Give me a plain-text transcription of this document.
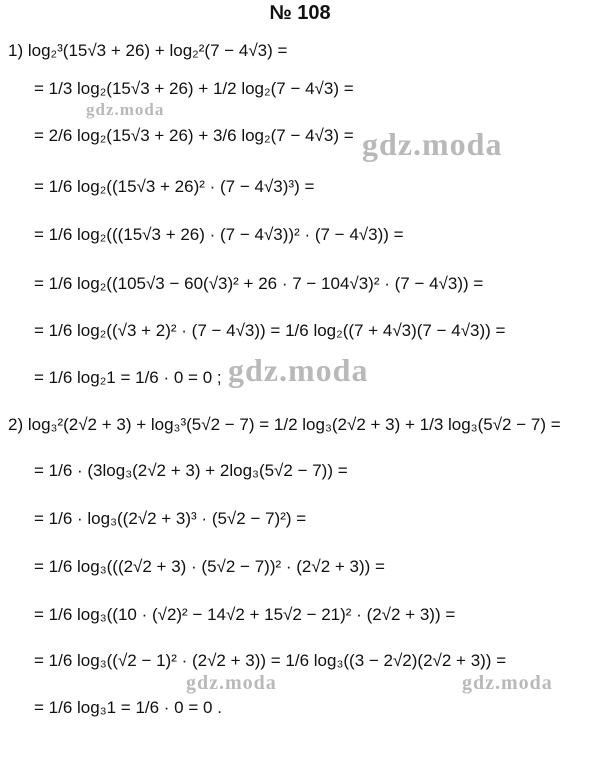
№ 108
1) log₂³(15√3 + 26) + log₂²(7 − 4√3) =
= 1/3 log₂(15√3 + 26) + 1/2 log₂(7 − 4√3) =
= 2/6 log₂(15√3 + 26) + 3/6 log₂(7 − 4√3) =
= 1/6 log₂((15√3 + 26)² · (7 − 4√3)³) =
= 1/6 log₂(((15√3 + 26) · (7 − 4√3))² · (7 − 4√3)) =
= 1/6 log₂((105√3 − 60(√3)² + 26 · 7 − 104√3)² · (7 − 4√3)) =
= 1/6 log₂((√3 + 2)² · (7 − 4√3)) = 1/6 log₂((7 + 4√3)(7 − 4√3)) =
= 1/6 log₂1 = 1/6 · 0 = 0 ;
2) log₃²(2√2 + 3) + log₃³(5√2 − 7) = 1/2 log₃(2√2 + 3) + 1/3 log₃(5√2 − 7) =
= 1/6 · (3log₃(2√2 + 3) + 2log₃(5√2 − 7)) =
= 1/6 · log₃((2√2 + 3)³ · (5√2 − 7)²) =
= 1/6 log₃(((2√2 + 3) · (5√2 − 7))² · (2√2 + 3)) =
= 1/6 log₃((10 · (√2)² − 14√2 + 15√2 − 21)² · (2√2 + 3)) =
= 1/6 log₃((√2 − 1)² · (2√2 + 3)) = 1/6 log₃((3 − 2√2)(2√2 + 3)) =
= 1/6 log₃1 = 1/6 · 0 = 0 .
gdz.moda
gdz.moda
gdz.moda
gdz.moda	gdz.moda
